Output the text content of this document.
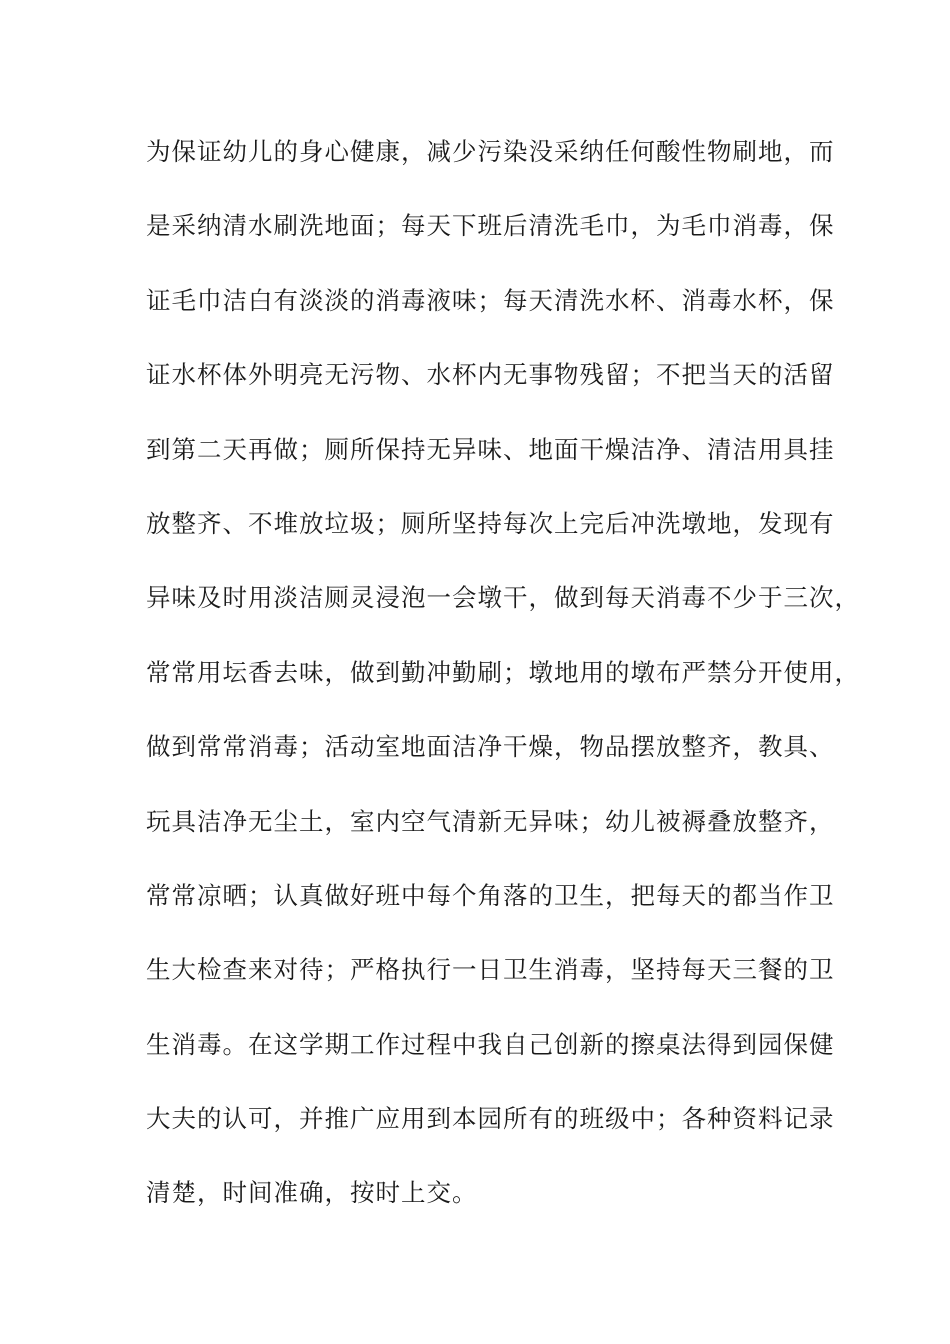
为保证幼儿的身心健康，减少污染没采纳任何酸性物刷地，而
是采纳清水刷洗地面；每天下班后清洗毛巾，为毛巾消毒，保
证毛巾洁白有淡淡的消毒液味；每天清洗水杯、消毒水杯，保
证水杯体外明亮无污物、水杯内无事物残留；不把当天的活留
到第二天再做；厕所保持无异味、地面干燥洁净、清洁用具挂
放整齐、不堆放垃圾；厕所坚持每次上完后冲洗墩地，发现有
异味及时用淡洁厕灵浸泡一会墩干，做到每天消毒不少于三次，
常常用坛香去味，做到勤冲勤刷；墩地用的墩布严禁分开使用，
做到常常消毒；活动室地面洁净干燥，物品摆放整齐，教具、
玩具洁净无尘土，室内空气清新无异味；幼儿被褥叠放整齐，
常常凉晒；认真做好班中每个角落的卫生，把每天的都当作卫
生大检查来对待；严格执行一日卫生消毒，坚持每天三餐的卫
生消毒。在这学期工作过程中我自己创新的擦桌法得到园保健
大夫的认可，并推广应用到本园所有的班级中；各种资料记录
清楚，时间准确，按时上交。
